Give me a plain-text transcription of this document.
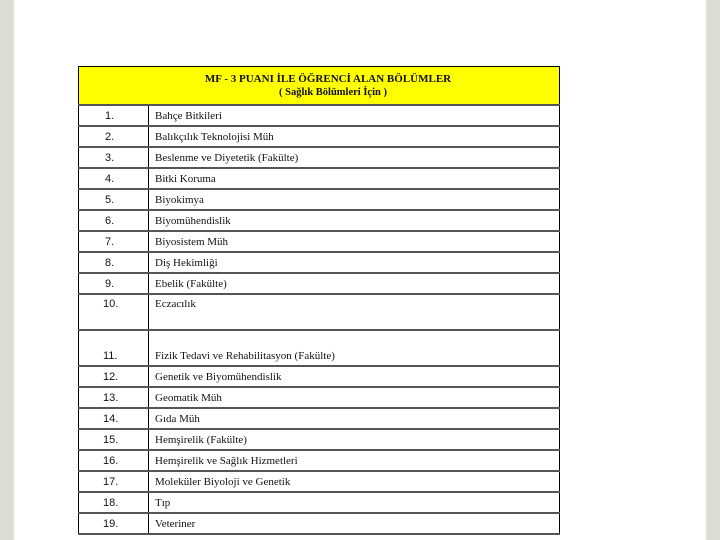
MF - 3 PUANI İLE ÖĞRENCİ ALAN BÖLÜMLER
( Sağlık Bölümleri İçin )	

1.	Bahçe Bitkileri
2.	Balıkçılık Teknolojisi Müh
3.	Beslenme ve Diyetetik (Fakülte)
4.	Bitki Koruma
5.	Biyokimya
6.	Biyomühendislik
7.	Biyosistem Müh
8.	Diş Hekimliği
9.	Ebelik (Fakülte)
10.	Eczacılık
11.	Fizik Tedavi ve Rehabilitasyon (Fakülte)
12.	Genetik ve Biyomühendislik
13.	Geomatik Müh
14.	Gıda Müh
15.	Hemşirelik (Fakülte)
16.	Hemşirelik ve Sağlık Hizmetleri
17.	Moleküler Biyoloji ve Genetik
18.	Tıp
19.	Veteriner
